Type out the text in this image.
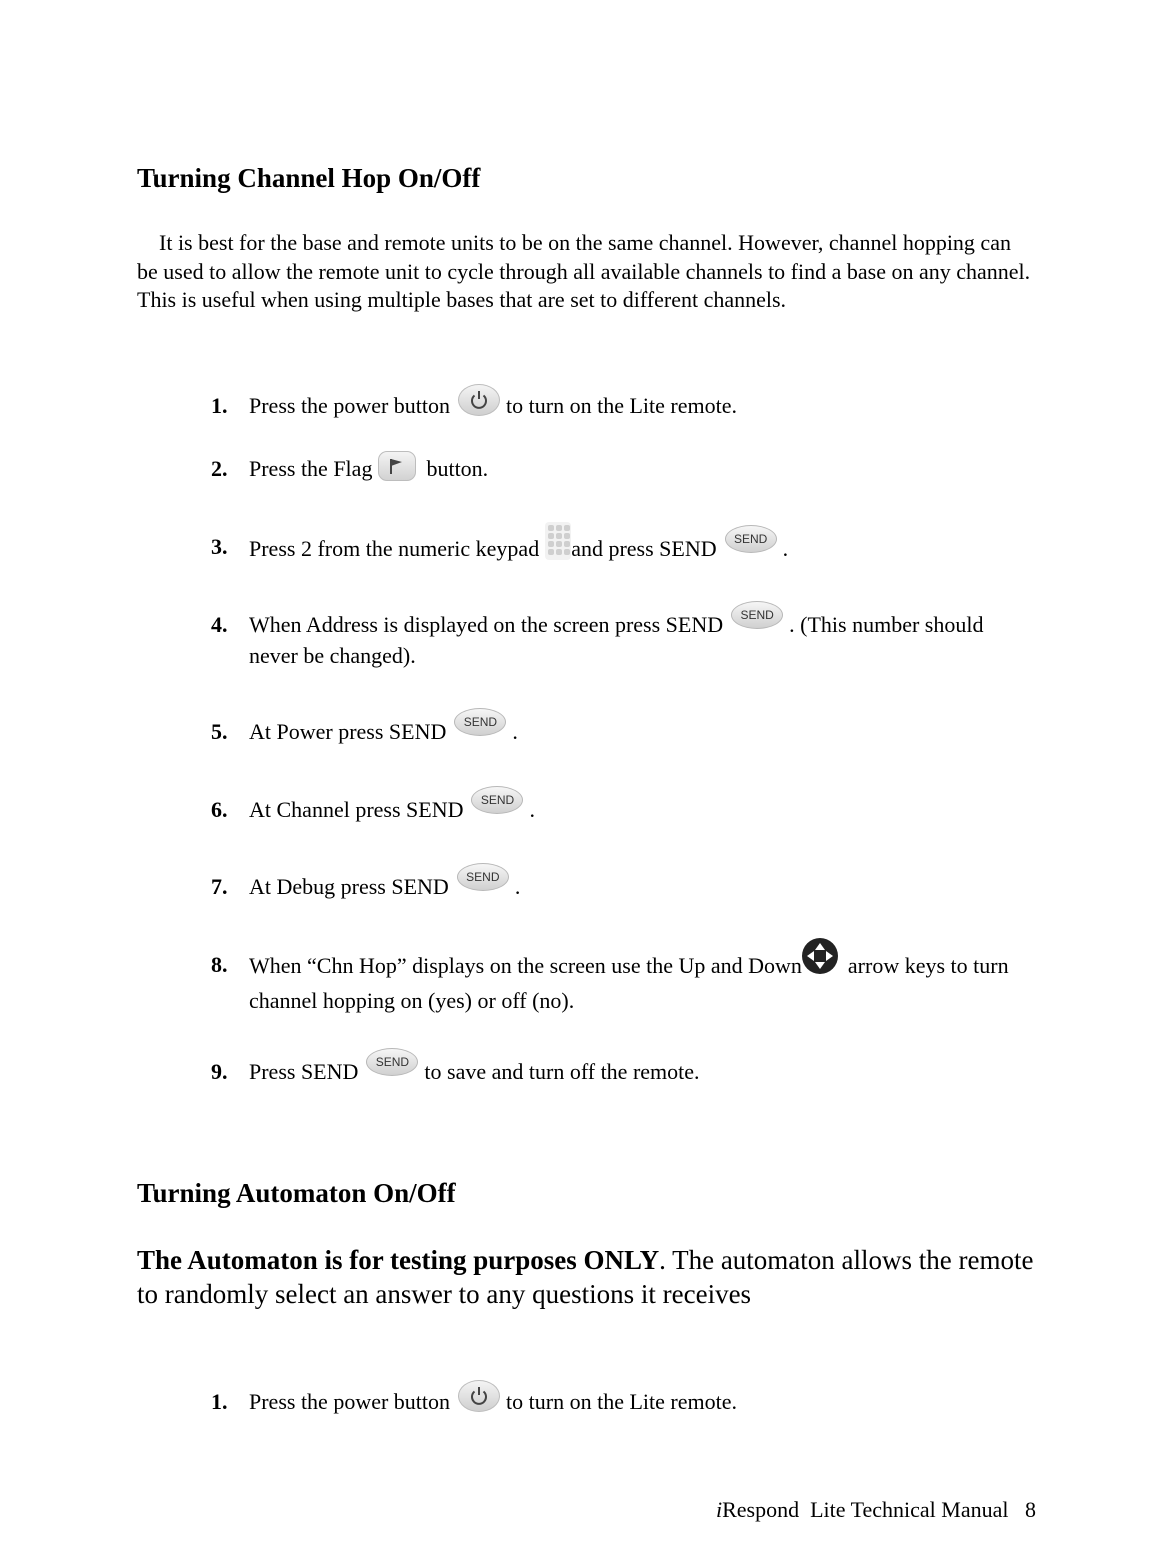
Turning Channel Hop On/Off

It is best for the base and remote units to be on the same channel. However, channel hopping can be used to allow the remote unit to cycle through all available channels to find a base on any channel. This is useful when using multiple bases that are set to different channels.

1. Press the power button	to turn on the Lite remote.
2. Press the Flag button.
3. Press 2 from the numeric keypad and press SEND SEND .
4. When Address is displayed on the screen press SEND SEND . (This number should never be changed).
5. At Power press SEND SEND .
6. At Channel press SEND SEND .
7. At Debug press SEND SEND .
8. When “Chn Hop” displays on the screen use the Up and Down arrow keys to turn channel hopping on (yes) or off (no).
9. Press SEND SEND to save and turn off the remote.
Turning Automaton On/Off

The Automaton is for testing purposes ONLY. The automaton allows the remote to randomly select an answer to any questions it receives

1. Press the power button	to turn on the Lite remote.
iRespond  Lite Technical Manual 8
